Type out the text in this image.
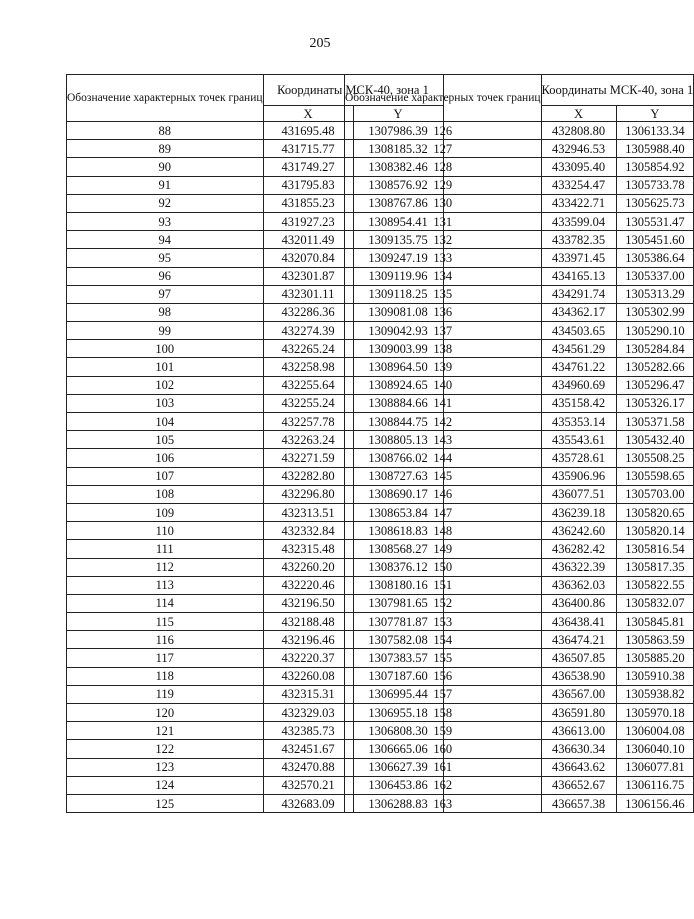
205
Обозначение характерных точек границ	Координаты МСК-40, зона 1	
	X	Y
88	431695.48	1307986.39
89	431715.77	1308185.32
90	431749.27	1308382.46
91	431795.83	1308576.92
92	431855.23	1308767.86
93	431927.23	1308954.41
94	432011.49	1309135.75
95	432070.84	1309247.19
96	432301.87	1309119.96
97	432301.11	1309118.25
98	432286.36	1309081.08
99	432274.39	1309042.93
100	432265.24	1309003.99
101	432258.98	1308964.50
102	432255.64	1308924.65
103	432255.24	1308884.66
104	432257.78	1308844.75
105	432263.24	1308805.13
106	432271.59	1308766.02
107	432282.80	1308727.63
108	432296.80	1308690.17
109	432313.51	1308653.84
110	432332.84	1308618.83
111	432315.48	1308568.27
112	432260.20	1308376.12
113	432220.46	1308180.16
114	432196.50	1307981.65
115	432188.48	1307781.87
116	432196.46	1307582.08
117	432220.37	1307383.57
118	432260.08	1307187.60
119	432315.31	1306995.44
120	432329.03	1306955.18
121	432385.73	1306808.30
122	432451.67	1306665.06
123	432470.88	1306627.39
124	432570.21	1306453.86
125	432683.09	1306288.83
Обозначение характерных точек границ	Координаты МСК-40, зона 1	
	X	Y
126	432808.80	1306133.34
127	432946.53	1305988.40
128	433095.40	1305854.92
129	433254.47	1305733.78
130	433422.71	1305625.73
131	433599.04	1305531.47
132	433782.35	1305451.60
133	433971.45	1305386.64
134	434165.13	1305337.00
135	434291.74	1305313.29
136	434362.17	1305302.99
137	434503.65	1305290.10
138	434561.29	1305284.84
139	434761.22	1305282.66
140	434960.69	1305296.47
141	435158.42	1305326.17
142	435353.14	1305371.58
143	435543.61	1305432.40
144	435728.61	1305508.25
145	435906.96	1305598.65
146	436077.51	1305703.00
147	436239.18	1305820.65
148	436242.60	1305820.14
149	436282.42	1305816.54
150	436322.39	1305817.35
151	436362.03	1305822.55
152	436400.86	1305832.07
153	436438.41	1305845.81
154	436474.21	1305863.59
155	436507.85	1305885.20
156	436538.90	1305910.38
157	436567.00	1305938.82
158	436591.80	1305970.18
159	436613.00	1306004.08
160	436630.34	1306040.10
161	436643.62	1306077.81
162	436652.67	1306116.75
163	436657.38	1306156.46
